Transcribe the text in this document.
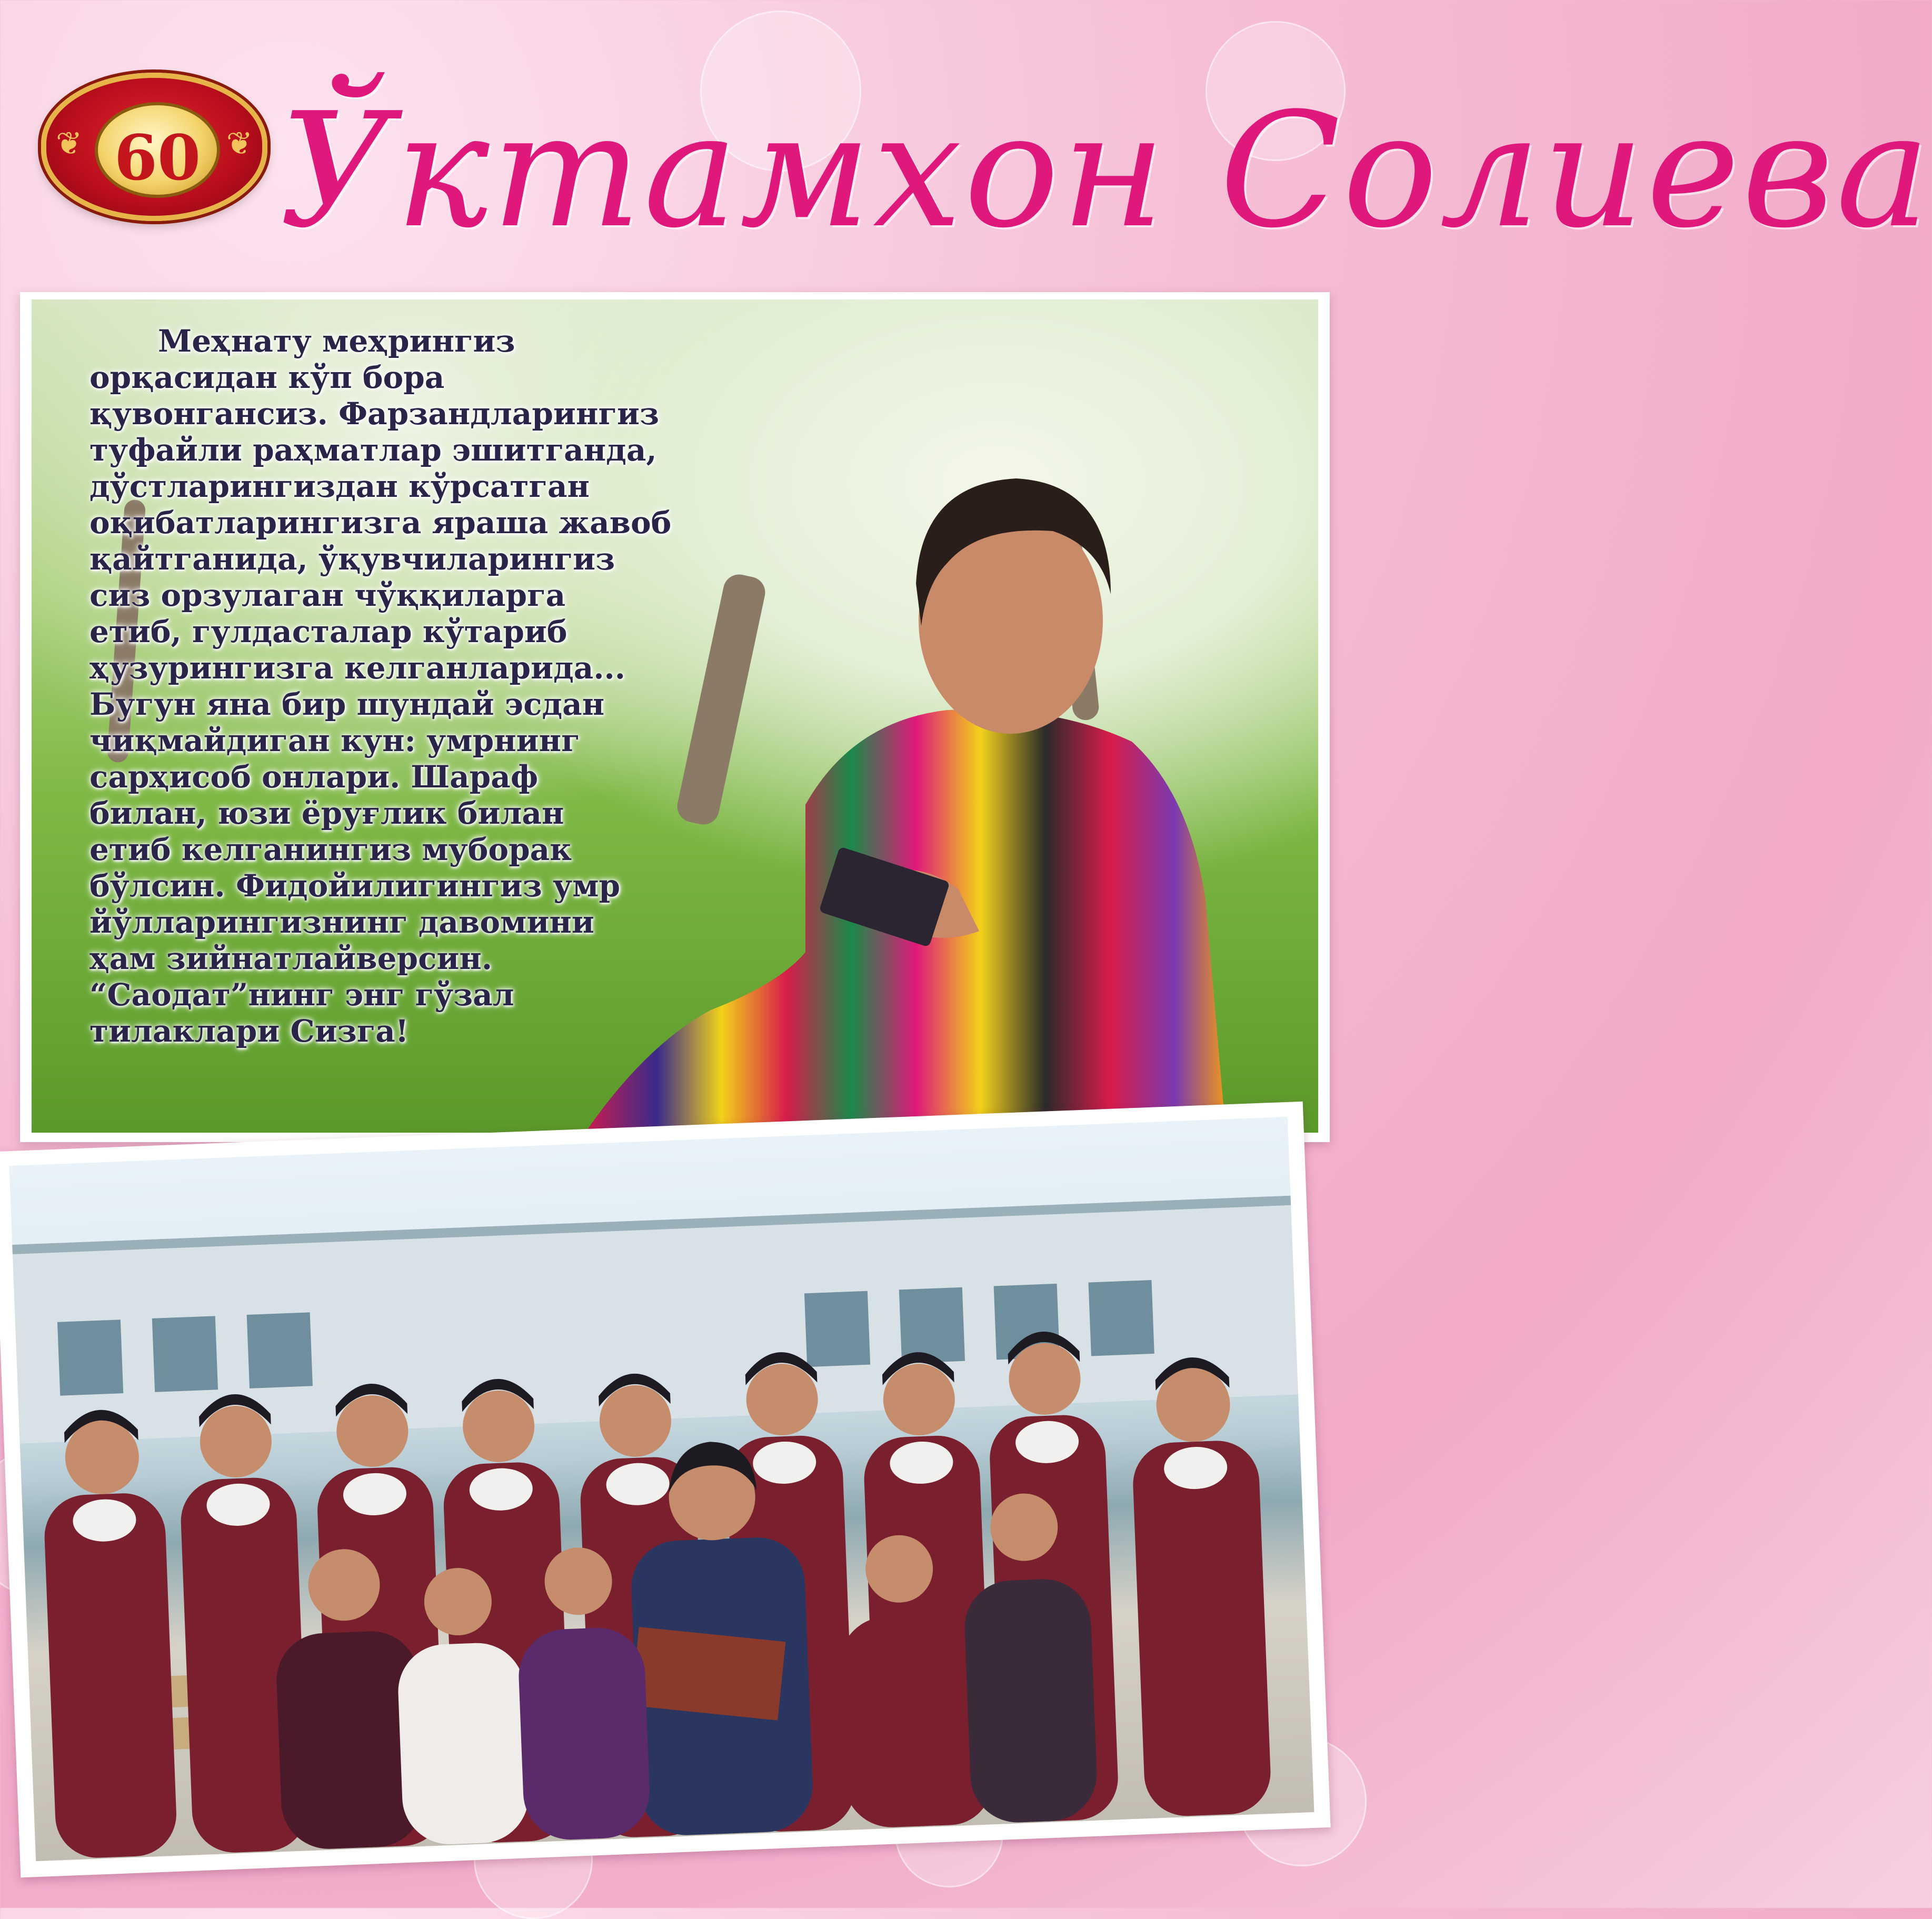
❦	❦
60 Ўктамхон Солиева
Меҳнату меҳрингиз
орқасидан кўп бора
қувонгансиз. Фарзандларингиз
туфайли раҳматлар эшитганда,
дўстларингиздан кўрсатган
оқибатларингизга яраша жавоб
қайтганида, ўқувчиларингиз
сиз орзулаган чўққиларга
етиб, гулдасталар кўтариб
ҳузурингизга келганларида...
Бугун яна бир шундай эсдан
чиқмайдиган кун: умрнинг
сарҳисоб онлари. Шараф
билан, юзи ёруғлик билан
етиб келганингиз муборак
бўлсин. Фидойилигингиз умр
йўлларингизнинг давомини
ҳам зийнатлайверсин.
“Саодат”нинг энг гўзал
тилаклари Сизга!
